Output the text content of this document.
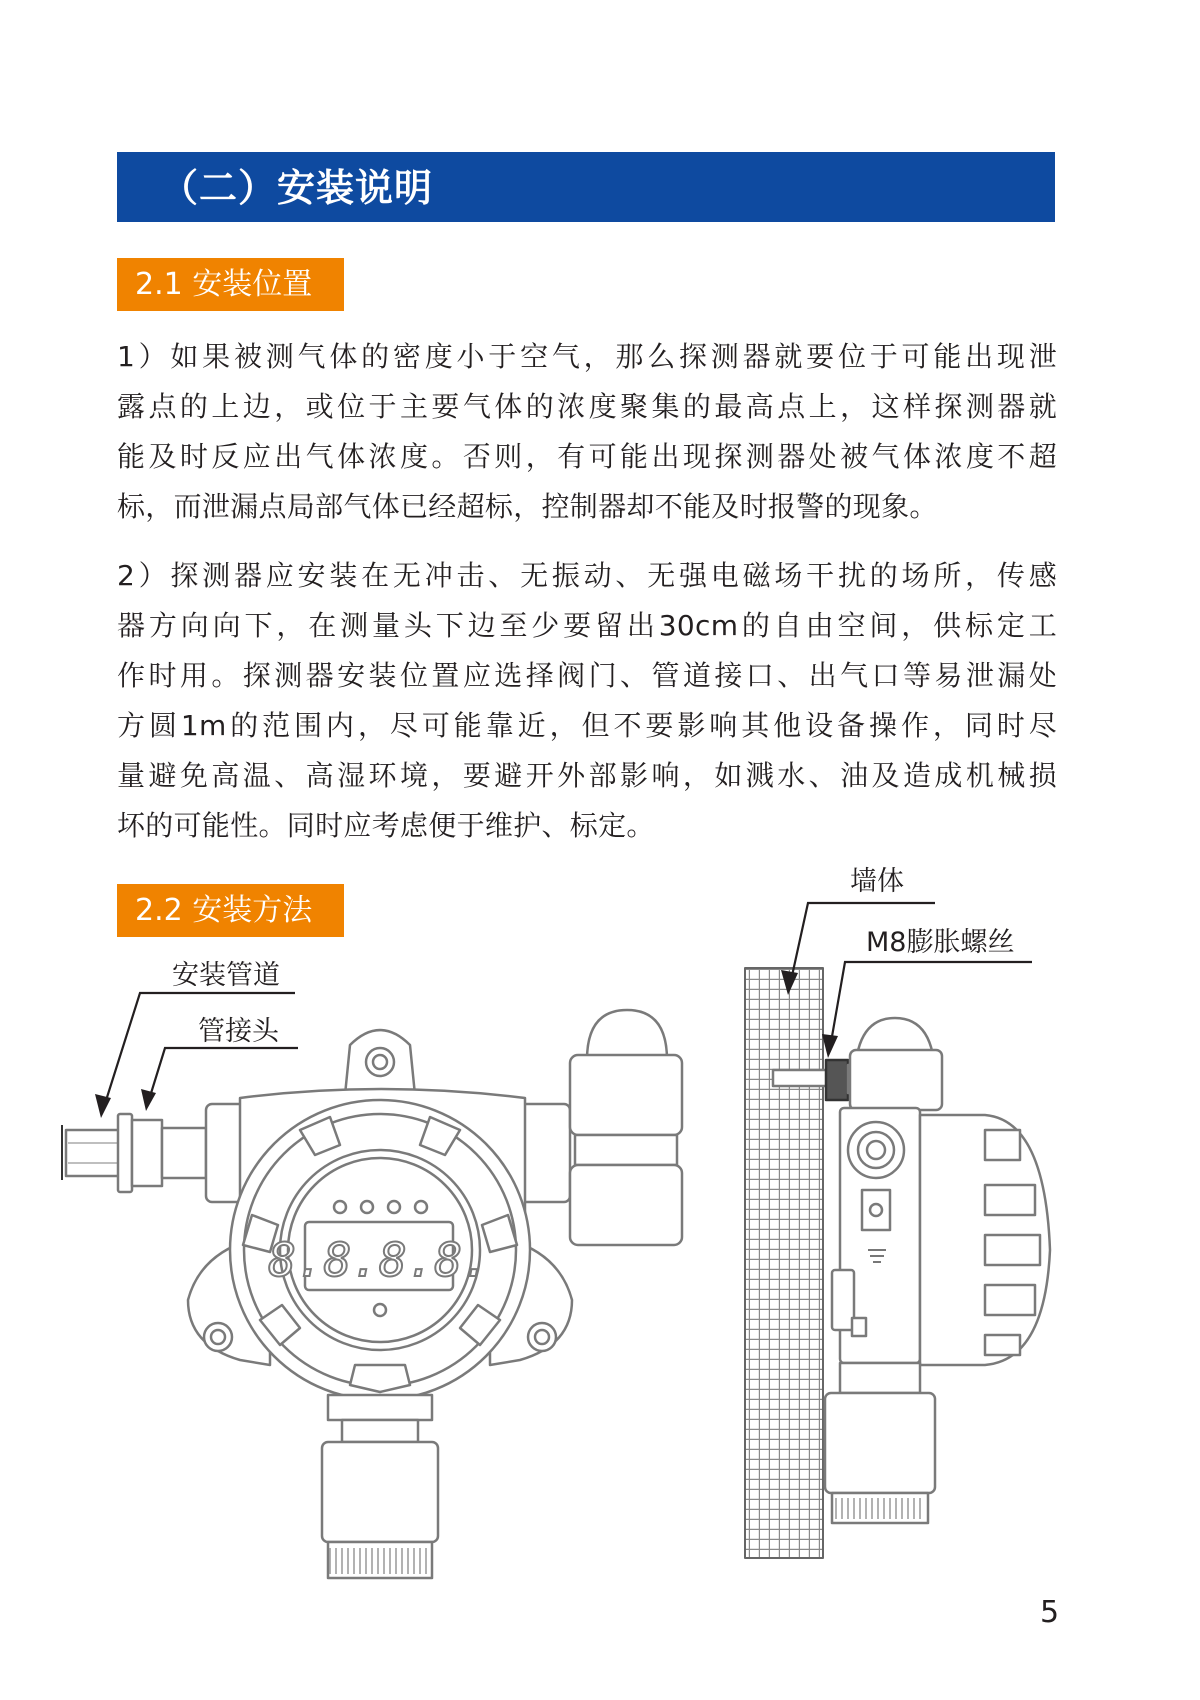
（二）安装说明
2.1 安装位置

1）如果被测气体的密度小于空气，那么探测器就要位于可能出现泄
露点的上边，或位于主要气体的浓度聚集的最高点上，这样探测器就
能及时反应出气体浓度。否则，有可能出现探测器处被气体浓度不超
标，而泄漏点局部气体已经超标，控制器却不能及时报警的现象。

2）探测器应安装在无冲击、无振动、无强电磁场干扰的场所，传感
器方向向下，在测量头下边至少要留出30cm的自由空间，供标定工
作时用。探测器安装位置应选择阀门、管道接口、出气口等易泄漏处
方圆1m的范围内，尽可能靠近，但不要影响其他设备操作，同时尽
量避免高温、高湿环境，要避开外部影响，如溅水、油及造成机械损
坏的可能性。同时应考虑便于维护、标定。

2.2 安装方法
8.8.8.8.
安装管道
管接头
墙体
M8膨胀螺丝
5
